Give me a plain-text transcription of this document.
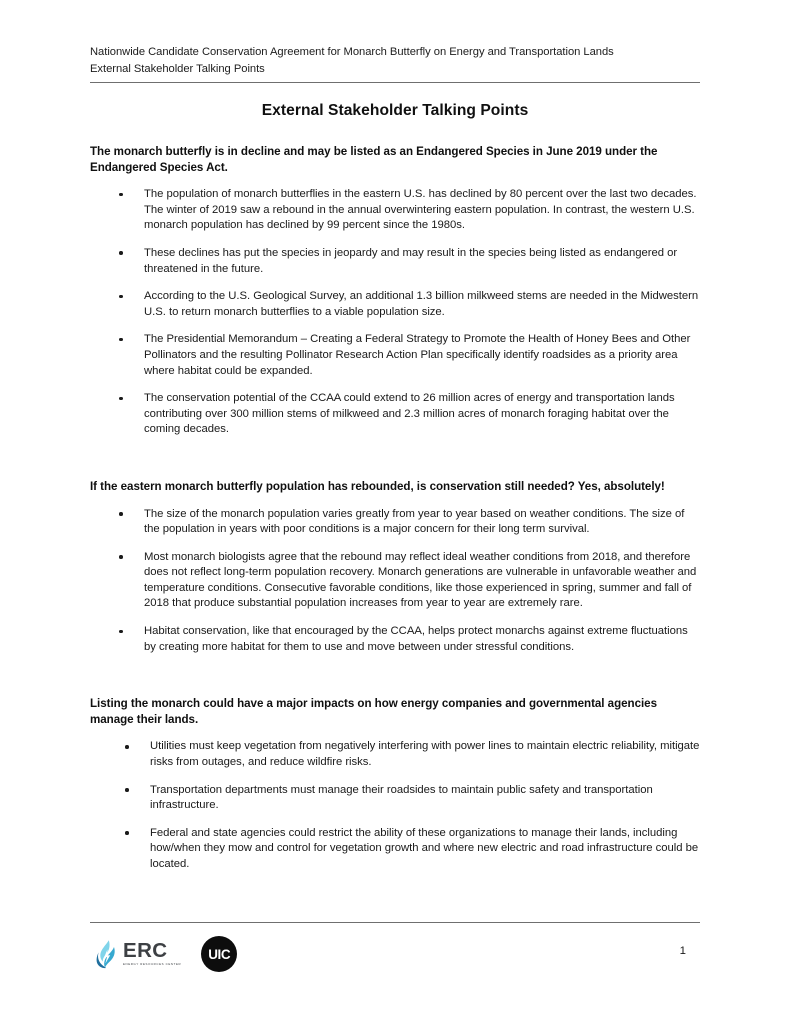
Nationwide Candidate Conservation Agreement for Monarch Butterfly on Energy and Transportation Lands
External Stakeholder Talking Points
External Stakeholder Talking Points
The monarch butterfly is in decline and may be listed as an Endangered Species in June 2019 under the Endangered Species Act.
The population of monarch butterflies in the eastern U.S. has declined by 80 percent over the last two decades. The winter of 2019 saw a rebound in the annual overwintering eastern population. In contrast, the western U.S. monarch population has declined by 99 percent since the 1980s.
These declines has put the species in jeopardy and may result in the species being listed as endangered or threatened in the future.
According to the U.S. Geological Survey, an additional 1.3 billion milkweed stems are needed in the Midwestern U.S. to return monarch butterflies to a viable population size.
The Presidential Memorandum – Creating a Federal Strategy to Promote the Health of Honey Bees and Other Pollinators and the resulting Pollinator Research Action Plan specifically identify roadsides as a priority area where habitat could be expanded.
The conservation potential of the CCAA could extend to 26 million acres of energy and transportation lands contributing over 300 million stems of milkweed and 2.3 million acres of monarch foraging habitat over the coming decades.
If the eastern monarch butterfly population has rebounded, is conservation still needed? Yes, absolutely!
The size of the monarch population varies greatly from year to year based on weather conditions. The size of the population in years with poor conditions is a major concern for their long term survival.
Most monarch biologists agree that the rebound may reflect ideal weather conditions from 2018, and therefore does not reflect long-term population recovery. Monarch generations are vulnerable in unfavorable weather and temperature conditions. Consecutive favorable conditions, like those experienced in spring, summer and fall of 2018 that produce substantial population increases from year to year are extremely rare.
Habitat conservation, like that encouraged by the CCAA, helps protect monarchs against extreme fluctuations by creating more habitat for them to use and move between under stressful conditions.
Listing the monarch could have a major impacts on how energy companies and governmental agencies manage their lands.
Utilities must keep vegetation from negatively interfering with power lines to maintain electric reliability, mitigate risks from outages, and reduce wildfire risks.
Transportation departments must manage their roadsides to maintain public safety and transportation infrastructure.
Federal and state agencies could restrict the ability of these organizations to manage their lands, including how/when they mow and control for vegetation growth and where new electric and road infrastructure could be located.
ERC
ENERGY RESOURCES CENTER
UIC	1
